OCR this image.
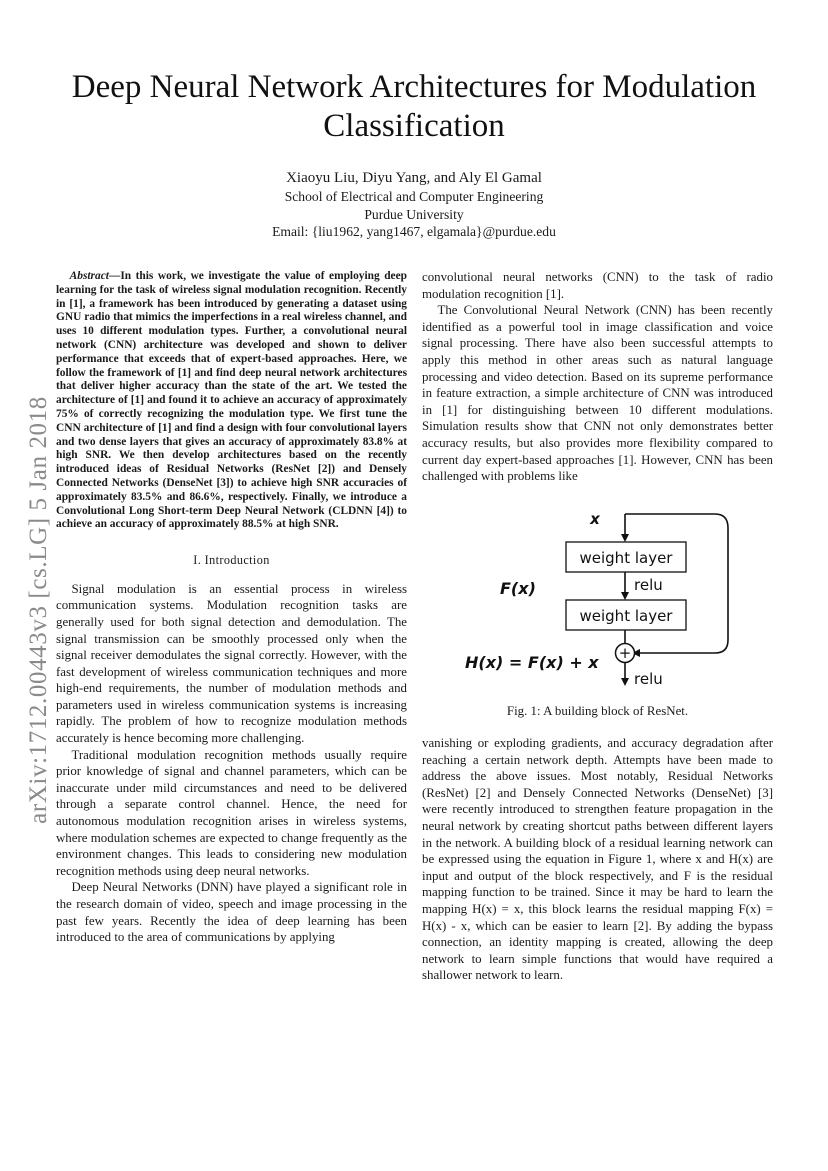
arXiv:1712.00443v3 [cs.LG] 5 Jan 2018
Deep Neural Network Architectures for Modulation Classification
Xiaoyu Liu, Diyu Yang, and Aly El Gamal
School of Electrical and Computer Engineering
Purdue University
Email: {liu1962, yang1467, elgamala}@purdue.edu

Abstract—In this work, we investigate the value of employing deep learning for the task of wireless signal modulation recognition. Recently in [1], a framework has been introduced by generating a dataset using GNU radio that mimics the imperfections in a real wireless channel, and uses 10 different modulation types. Further, a convolutional neural network (CNN) architecture was developed and shown to deliver performance that exceeds that of expert-based approaches. Here, we follow the framework of [1] and find deep neural network architectures that deliver higher accuracy than the state of the art. We tested the architecture of [1] and found it to achieve an accuracy of approximately 75% of correctly recognizing the modulation type. We first tune the CNN architecture of [1] and find a design with four convolutional layers and two dense layers that gives an accuracy of approximately 83.8% at high SNR. We then develop architectures based on the recently introduced ideas of Residual Networks (ResNet [2]) and Densely Connected Networks (DenseNet [3]) to achieve high SNR accuracies of approximately 83.5% and 86.6%, respectively. Finally, we introduce a Convolutional Long Short-term Deep Neural Network (CLDNN [4]) to achieve an accuracy of approximately 88.5% at high SNR.

I. Introduction

Signal modulation is an essential process in wireless communication systems. Modulation recognition tasks are generally used for both signal detection and demodulation. The signal transmission can be smoothly processed only when the signal receiver demodulates the signal correctly. However, with the fast development of wireless communication techniques and more high-end requirements, the number of modulation methods and parameters used in wireless communication systems is increasing rapidly. The problem of how to recognize modulation methods accurately is hence becoming more challenging.

Traditional modulation recognition methods usually require prior knowledge of signal and channel parameters, which can be inaccurate under mild circumstances and need to be delivered through a separate control channel. Hence, the need for autonomous modulation recognition arises in wireless systems, where modulation schemes are expected to change frequently as the environment changes. This leads to considering new modulation recognition methods using deep neural networks.

Deep Neural Networks (DNN) have played a significant role in the research domain of video, speech and image processing in the past few years. Recently the idea of deep learning has been introduced to the area of communications by applying

convolutional neural networks (CNN) to the task of radio modulation recognition [1].

The Convolutional Neural Network (CNN) has been recently identified as a powerful tool in image classification and voice signal processing. There have also been successful attempts to apply this method in other areas such as natural language processing and video detection. Based on its supreme performance in feature extraction, a simple architecture of CNN was introduced in [1] for distinguishing between 10 different modulations. Simulation results show that CNN not only demonstrates better accuracy results, but also provides more flexibility compared to current day expert-based approaches [1]. However, CNN has been challenged with problems like

x
weight layer
relu
F(x)
weight layer
+
H(x) = F(x) + x
relu
Fig. 1: A building block of ResNet.

vanishing or exploding gradients, and accuracy degradation after reaching a certain network depth. Attempts have been made to address the above issues. Most notably, Residual Networks (ResNet) [2] and Densely Connected Networks (DenseNet) [3] were recently introduced to strengthen feature propagation in the neural network by creating shortcut paths between different layers in the network. A building block of a residual learning network can be expressed using the equation in Figure 1, where x and H(x) are input and output of the block respectively, and F is the residual mapping function to be trained. Since it may be hard to learn the mapping H(x) = x, this block learns the residual mapping F(x) = H(x) - x, which can be easier to learn [2]. By adding the bypass connection, an identity mapping is created, allowing the deep network to learn simple functions that would have required a shallower network to learn.
